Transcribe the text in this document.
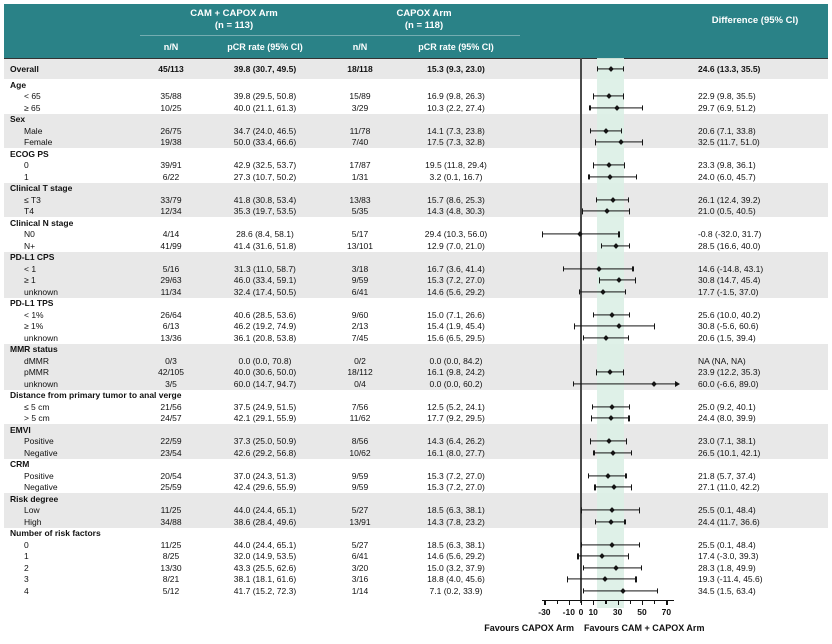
CAM + CAPOX Arm
(n = 113)
CAPOX Arm
(n = 118)	Difference (95% CI)
n/N	pCR rate (95% CI)	n/N	pCR rate (95% CI)
Overall	45/113	39.8 (30.7, 49.5)	18/118	15.3 (9.3, 23.0)	24.6 (13.3, 35.5)
Age
< 65	35/88	39.8 (29.5, 50.8)	15/89	16.9 (9.8, 26.3)	22.9 (9.8, 35.5)
≥ 65	10/25	40.0 (21.1, 61.3)	3/29	10.3 (2.2, 27.4)	29.7 (6.9, 51.2)
Sex
Male	26/75	34.7 (24.0, 46.5)	11/78	14.1 (7.3, 23.8)	20.6 (7.1, 33.8)
Female	19/38	50.0 (33.4, 66.6)	7/40	17.5 (7.3, 32.8)	32.5 (11.7, 51.0)
ECOG PS
0	39/91	42.9 (32.5, 53.7)	17/87	19.5 (11.8, 29.4)	23.3 (9.8, 36.1)
1	6/22	27.3 (10.7, 50.2)	1/31	3.2 (0.1, 16.7)	24.0 (6.0, 45.7)
Clinical T stage
≤ T3	33/79	41.8 (30.8, 53.4)	13/83	15.7 (8.6, 25.3)	26.1 (12.4, 39.2)
T4	12/34	35.3 (19.7, 53.5)	5/35	14.3 (4.8, 30.3)	21.0 (0.5, 40.5)
Clinical N stage
N0	4/14	28.6 (8.4, 58.1)	5/17	29.4 (10.3, 56.0)	-0.8 (-32.0, 31.7)
N+	41/99	41.4 (31.6, 51.8)	13/101	12.9 (7.0, 21.0)	28.5 (16.6, 40.0)
PD-L1 CPS
< 1	5/16	31.3 (11.0, 58.7)	3/18	16.7 (3.6, 41.4)	14.6 (-14.8, 43.1)
≥ 1	29/63	46.0 (33.4, 59.1)	9/59	15.3 (7.2, 27.0)	30.8 (14.7, 45.4)
unknown	11/34	32.4 (17.4, 50.5)	6/41	14.6 (5.6, 29.2)	17.7 (-1.5, 37.0)
PD-L1 TPS
< 1%	26/64	40.6 (28.5, 53.6)	9/60	15.0 (7.1, 26.6)	25.6 (10.0, 40.2)
≥ 1%	6/13	46.2 (19.2, 74.9)	2/13	15.4 (1.9, 45.4)	30.8 (-5.6, 60.6)
unknown	13/36	36.1 (20.8, 53.8)	7/45	15.6 (6.5, 29.5)	20.6 (1.5, 39.4)
MMR status
dMMR	0/3	0.0 (0.0, 70.8)	0/2	0.0 (0.0, 84.2)	NA (NA, NA)
pMMR	42/105	40.0 (30.6, 50.0)	18/112	16.1 (9.8, 24.2)	23.9 (12.2, 35.3)
unknown	3/5	60.0 (14.7, 94.7)	0/4	0.0 (0.0, 60.2)	60.0 (-6.6, 89.0)
Distance from primary tumor to anal verge
≤ 5 cm	21/56	37.5 (24.9, 51.5)	7/56	12.5 (5.2, 24.1)	25.0 (9.2, 40.1)
> 5 cm	24/57	42.1 (29.1, 55.9)	11/62	17.7 (9.2, 29.5)	24.4 (8.0, 39.9)
EMVI
Positive	22/59	37.3 (25.0, 50.9)	8/56	14.3 (6.4, 26.2)	23.0 (7.1, 38.1)
Negative	23/54	42.6 (29.2, 56.8)	10/62	16.1 (8.0, 27.7)	26.5 (10.1, 42.1)
CRM
Positive	20/54	37.0 (24.3, 51.3)	9/59	15.3 (7.2, 27.0)	21.8 (5.7, 37.4)
Negative	25/59	42.4 (29.6, 55.9)	9/59	15.3 (7.2, 27.0)	27.1 (11.0, 42.2)
Risk degree
Low	11/25	44.0 (24.4, 65.1)	5/27	18.5 (6.3, 38.1)	25.5 (0.1, 48.4)
High	34/88	38.6 (28.4, 49.6)	13/91	14.3 (7.8, 23.2)	24.4 (11.7, 36.6)
Number of risk factors
0	11/25	44.0 (24.4, 65.1)	5/27	18.5 (6.3, 38.1)	25.5 (0.1, 48.4)
1	8/25	32.0 (14.9, 53.5)	6/41	14.6 (5.6, 29.2)	17.4 (-3.0, 39.3)
2	13/30	43.3 (25.5, 62.6)	3/20	15.0 (3.2, 37.9)	28.3 (1.8, 49.9)
3	8/21	38.1 (18.1, 61.6)	3/16	18.8 (4.0, 45.6)	19.3 (-11.4, 45.6)
4	5/12	41.7 (15.2, 72.3)	1/14	7.1 (0.2, 33.9)	34.5 (1.5, 63.4)
-30	-10 0 10	30	50	70
Favours CAPOX Arm Favours CAM + CAPOX Arm
